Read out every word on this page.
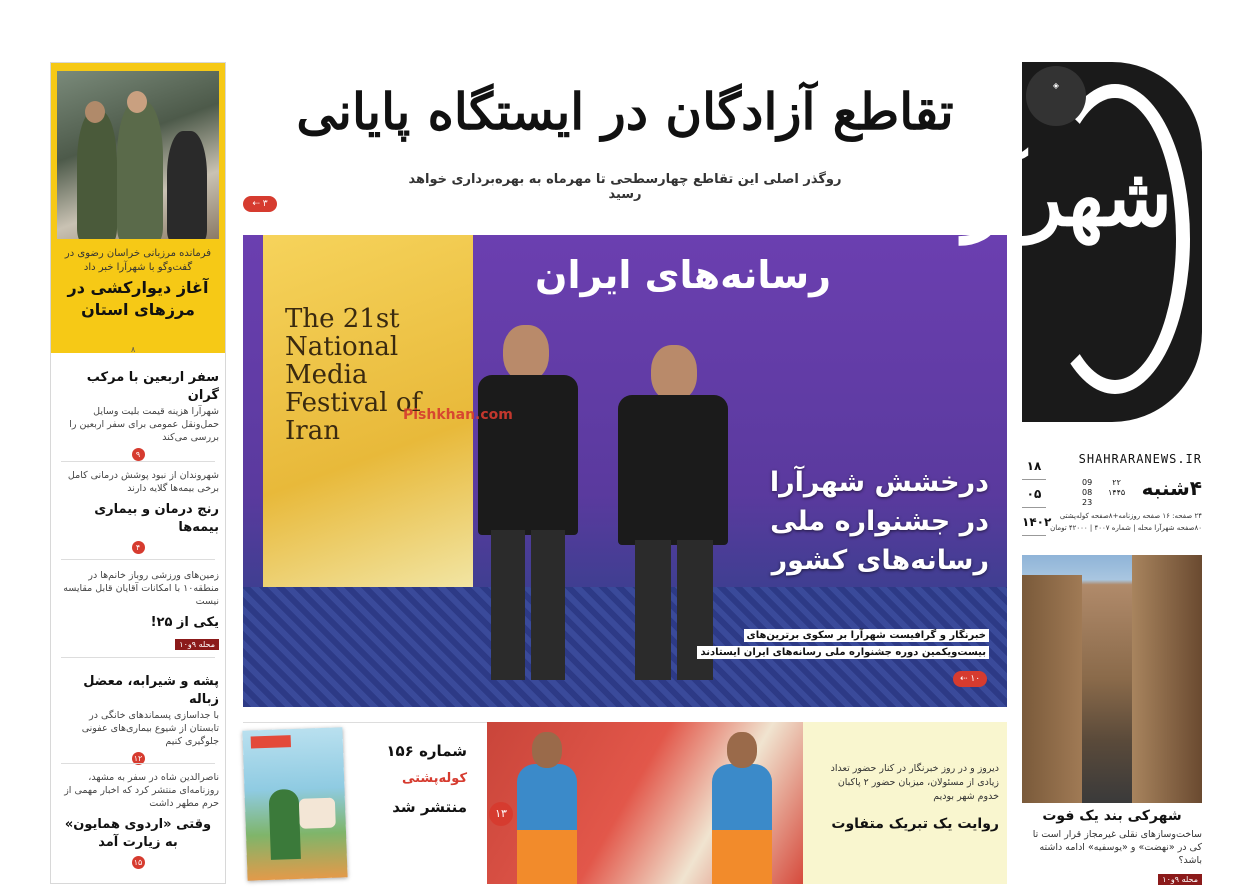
فرمانده مرزبانی خراسان رضوی در گفت‌وگو با شهرآرا خبر داد
آغاز دیوارکشی در مرزهای استان
۸
سفر اربعین با مرکب گران
شهرآرا هزینه قیمت بلیت وسایل حمل‌ونقل عمومی برای سفر اربعین را بررسی می‌کند
۹
شهروندان از نبود پوشش درمانی کامل برخی بیمه‌ها گلایه دارند
رنج درمان و بیماری بیمه‌ها
۴
زمین‌های ورزشی روباز خانم‌ها در منطقه۱۰ با امکانات آقایان قابل مقایسه نیست
یکی از ۲۵!
محله ۹و۱۰
پشه و شیرابه، معضل زباله
با جداسازی پسماندهای خانگی در تابستان از شیوع بیماری‌های عفونی جلوگیری کنیم
۱۲
ناصرالدین شاه در سفر به مشهد، روزنامه‌ای منتشر کرد که اخبار مهمی از حرم مطهر داشت
وقتی «اردوی همایون» به زیارت آمد
۱۵
تقاطع آزادگان در ایستگاه پایانی
روگذر اصلی این تقاطع چهارسطحی تا مهرماه به بهره‌برداری خواهد رسید
⇠ ۳
The 21st National Media Festival of Iran
رسانه‌های ایران
Pishkhan.com
درخشش شهرآرا در جشنواره ملی رسانه‌های کشور
خبرنگار و گرافیست شهرآرا بر سکوی برترین‌های
بیست‌ویکمین دوره جشنواره ملی رسانه‌های ایران ایستادند
⇠ ۱۰
شماره ۱۵۶
کوله‌پشتی
منتشر شد
	۱۳
دیروز و در روز خبرنگار در کنار حضور تعداد زیادی از مسئولان، میزبان حضور ۲ پاکبان خدوم شهر بودیم
روایت یک تبریک متفاوت
شهرآرا
◈
SHAHRARANEWS.IR
۱۸
۰۵
۱۴۰۲
۴شنبه
09
08
23
۲۲
۱۴۴۵
۲۴ صفحه: ۱۶ صفحه روزنامه+۸صفحه کوله‌پشتی
۸۰صفحه شهرآرا محله | شماره ۴۰۰۷ | ۴۲۰۰۰ تومان
شهرکی بند یک فوت
ساخت‌وسازهای نقلی غیرمجاز قرار است تا کی در «نهضت» و «یوسفیه» ادامه داشته باشد؟
محله ۹و۱۰
